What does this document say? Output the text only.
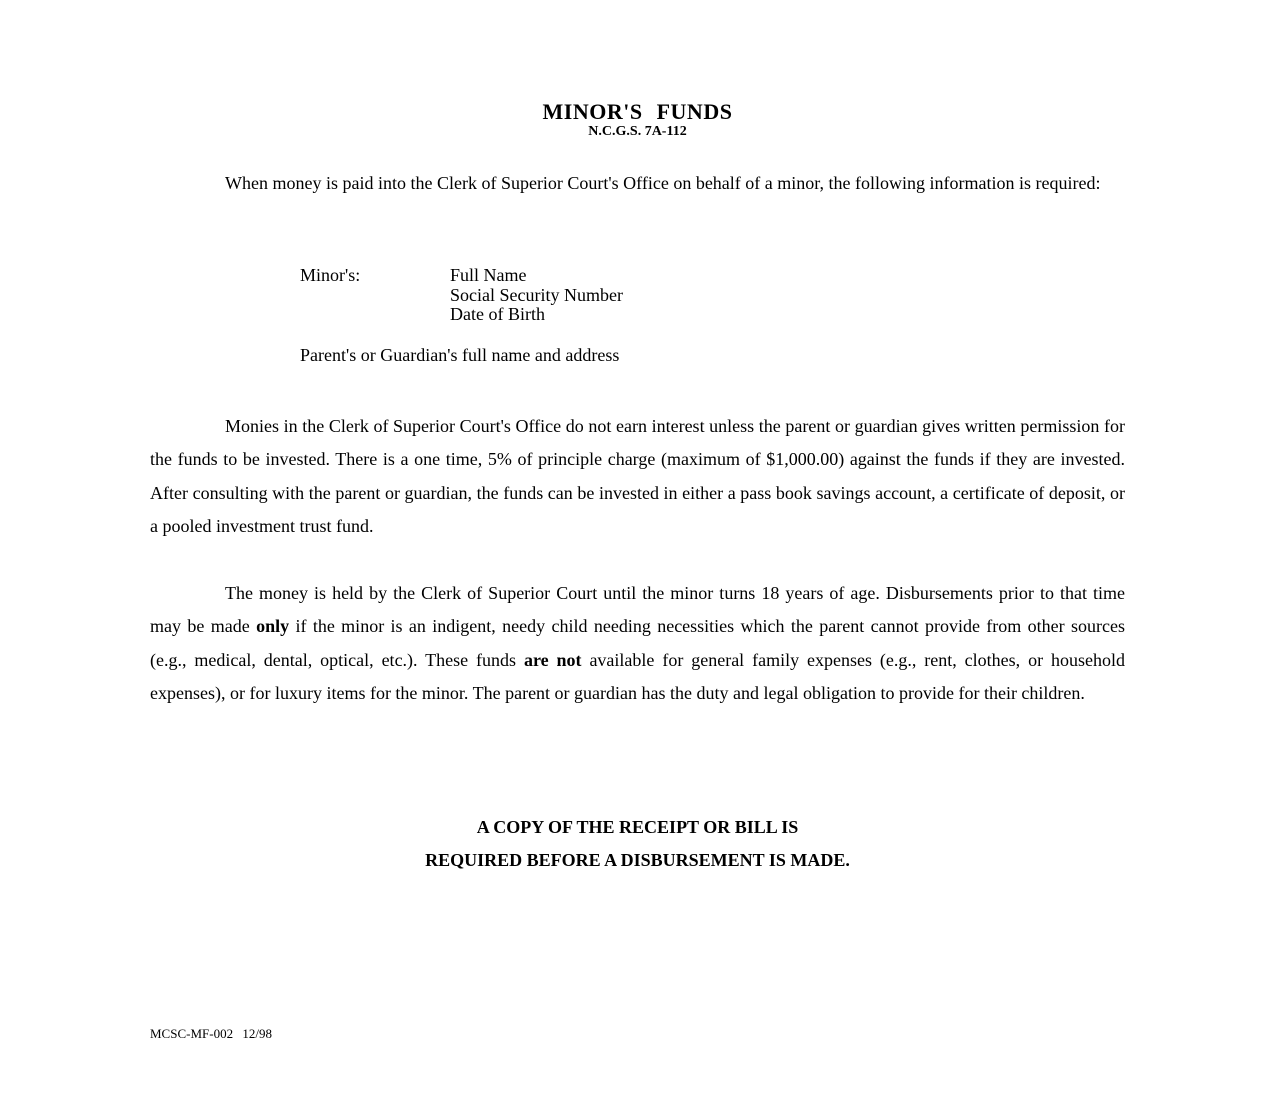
MINOR'S FUNDS
N.C.G.S. 7A-112
When money is paid into the Clerk of Superior Court's Office on behalf of a minor, the following information is required:
Minor's:	Full Name
Social Security Number
Date of Birth
Parent's or Guardian's full name and address
Monies in the Clerk of Superior Court's Office do not earn interest unless the parent or guardian gives written permission for the funds to be invested. There is a one time, 5% of principle charge (maximum of $1,000.00) against the funds if they are invested. After consulting with the parent or guardian, the funds can be invested in either a pass book savings account, a certificate of deposit, or a pooled investment trust fund.
The money is held by the Clerk of Superior Court until the minor turns 18 years of age. Disbursements prior to that time may be made only if the minor is an indigent, needy child needing necessities which the parent cannot provide from other sources (e.g., medical, dental, optical, etc.). These funds are not available for general family expenses (e.g., rent, clothes, or household expenses), or for luxury items for the minor. The parent or guardian has the duty and legal obligation to provide for their children.
A COPY OF THE RECEIPT OR BILL IS
REQUIRED BEFORE A DISBURSEMENT IS MADE.
MCSC-MF-002 12/98
